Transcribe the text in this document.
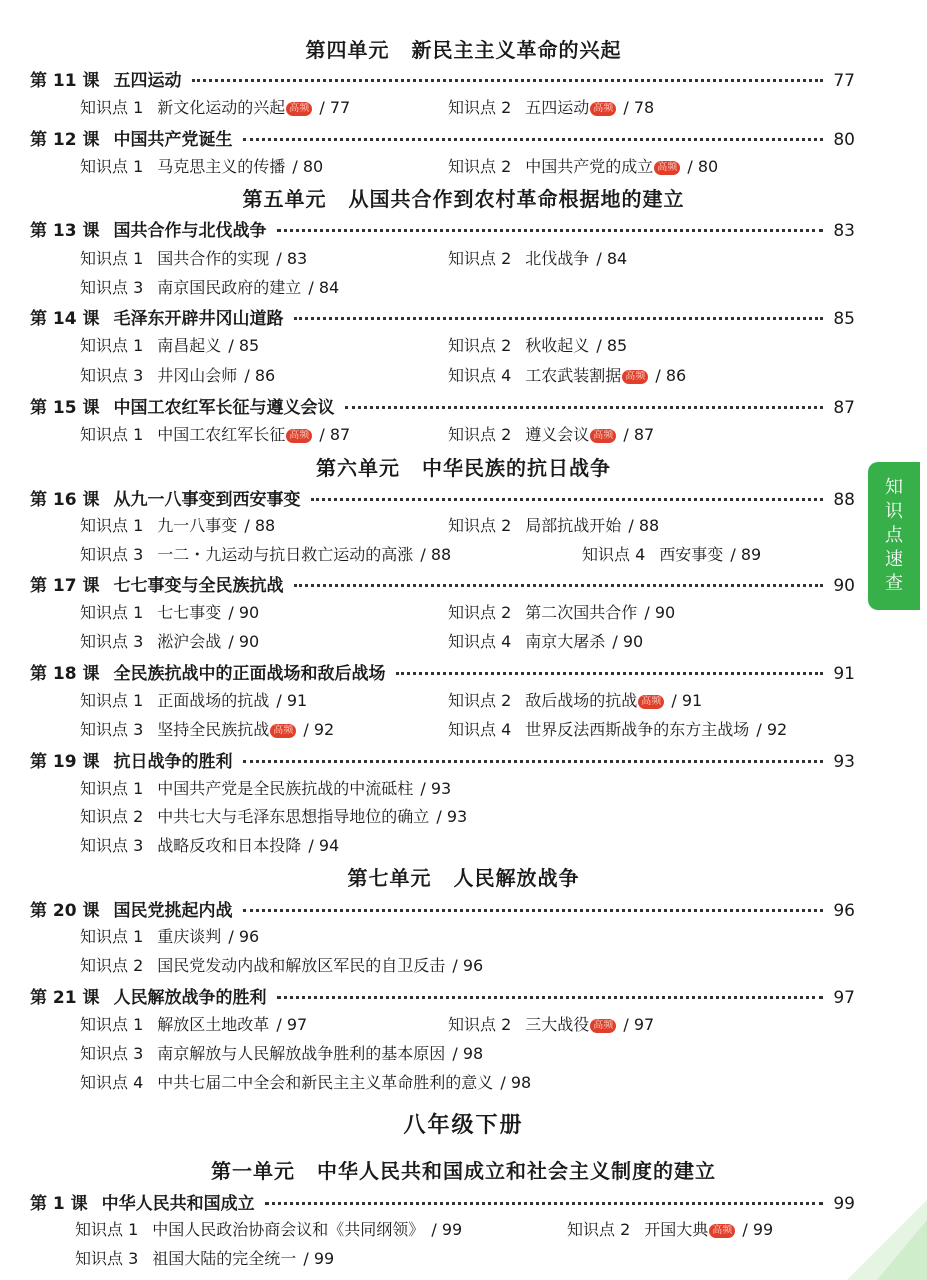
第四单元 新民主主义革命的兴起
第 11 课 五四运动	77
知识点 1 新文化运动的兴起 高频 / 77	知识点 2 五四运动 高频 / 78
第 12 课 中国共产党诞生	80
知识点 1 马克思主义的传播 / 80	知识点 2 中国共产党的成立 高频 / 80
第五单元 从国共合作到农村革命根据地的建立
第 13 课 国共合作与北伐战争	83
知识点 1 国共合作的实现 / 83	知识点 2 北伐战争 / 84
知识点 3 南京国民政府的建立 / 84
第 14 课 毛泽东开辟井冈山道路	85
知识点 1 南昌起义 / 85	知识点 2 秋收起义 / 85
知识点 3 井冈山会师 / 86	知识点 4 工农武装割据 高频 / 86
第 15 课 中国工农红军长征与遵义会议	87
知识点 1 中国工农红军长征 高频 / 87	知识点 2 遵义会议 高频 / 87
第六单元 中华民族的抗日战争
第 16 课 从九一八事变到西安事变	88
知识点 1 九一八事变 / 88	知识点 2 局部抗战开始 / 88
知识点 3 一二・九运动与抗日救亡运动的高涨 / 88	知识点 4 西安事变 / 89
第 17 课 七七事变与全民族抗战	90
知识点 1 七七事变 / 90	知识点 2 第二次国共合作 / 90
知识点 3 淞沪会战 / 90	知识点 4 南京大屠杀 / 90
第 18 课 全民族抗战中的正面战场和敌后战场	91
知识点 1 正面战场的抗战 / 91	知识点 2 敌后战场的抗战 高频 / 91
知识点 3 坚持全民族抗战 高频 / 92	知识点 4 世界反法西斯战争的东方主战场 / 92
第 19 课 抗日战争的胜利	93
知识点 1 中国共产党是全民族抗战的中流砥柱 / 93
知识点 2 中共七大与毛泽东思想指导地位的确立 / 93
知识点 3 战略反攻和日本投降 / 94
第七单元 人民解放战争
第 20 课 国民党挑起内战	96
知识点 1 重庆谈判 / 96
知识点 2 国民党发动内战和解放区军民的自卫反击 / 96
第 21 课 人民解放战争的胜利	97
知识点 1 解放区土地改革 / 97	知识点 2 三大战役 高频 / 97
知识点 3 南京解放与人民解放战争胜利的基本原因 / 98
知识点 4 中共七届二中全会和新民主主义革命胜利的意义 / 98
八年级下册
第一单元 中华人民共和国成立和社会主义制度的建立
第 1 课 中华人民共和国成立	99
知识点 1 中国人民政治协商会议和《共同纲领》 / 99	知识点 2 开国大典 高频 / 99
知识点 3 祖国大陆的完全统一 / 99
知
识
点
速
查
